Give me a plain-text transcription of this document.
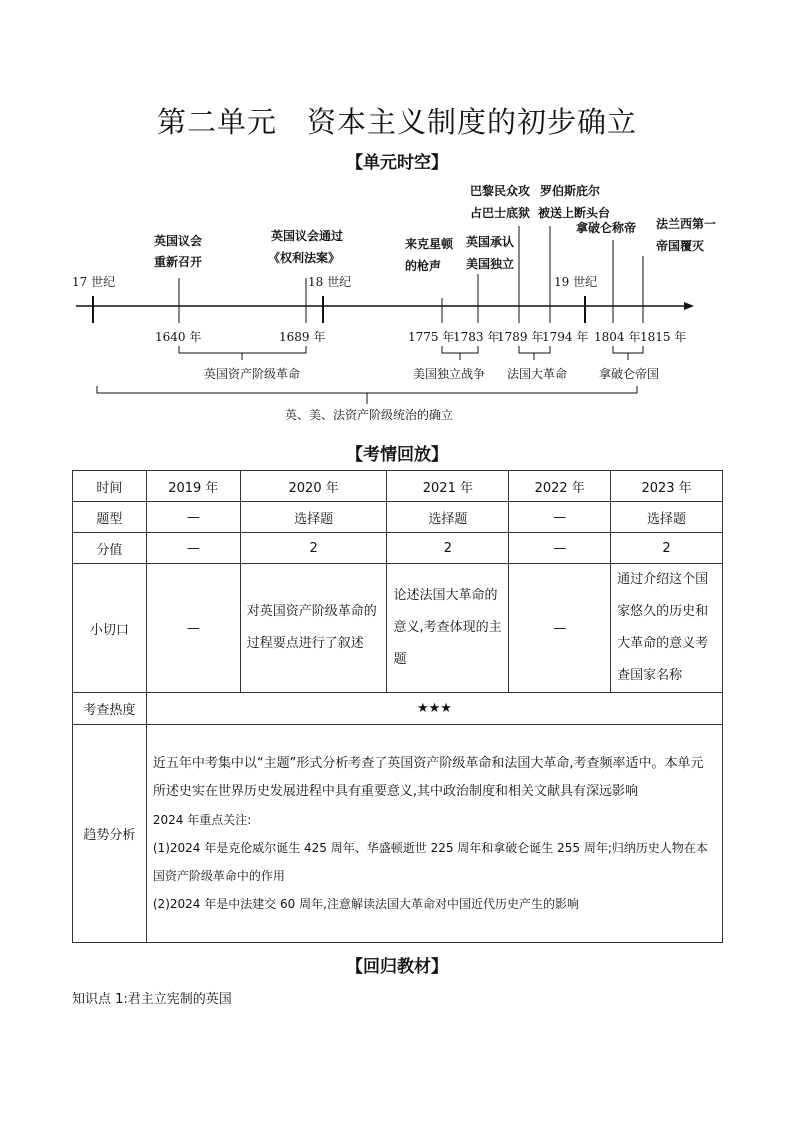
第二单元 资本主义制度的初步确立
【单元时空】
17 世纪	18 世纪	19 世纪
英国议会
重新召开
英国议会通过
《权利法案》
来克星顿
的枪声
英国承认
美国独立
巴黎民众攻
占巴士底狱
罗伯斯庇尔
被送上断头台
拿破仑称帝 法兰西第一
帝国覆灭
1640 年	1689 年	1775 年
1783 年
1789 年
1794 年 1804 年 1815 年
英国资产阶级革命	美国独立战争 法国大革命	拿破仑帝国
英、美、法资产阶级统治的确立
【考情回放】
时间	2019 年	2020 年	2021 年	2022 年	2023 年
题型	—	选择题	选择题	—	选择题
分值	—	2	2	—	2
小切口	—	对英国资产阶级革命的过程要点进行了叙述	论述法国大革命的意义,考查体现的主题	—	通过介绍这个国家悠久的历史和大革命的意义考查国家名称
考查热度	★★★				
趋势分析	近五年中考集中以“主题”形式分析考查了英国资产阶级革命和法国大革命,考查频率适中。本单元所述史实在世界历史发展进程中具有重要意义,其中政治制度和相关文献具有深远影响
2024 年重点关注:
(1)2024 年是克伦威尔诞生 425 周年、华盛顿逝世 225 周年和拿破仑诞生 255 周年;归纳历史人物在本国资产阶级革命中的作用
(2)2024 年是中法建交 60 周年,注意解读法国大革命对中国近代历史产生的影响				
【回归教材】
知识点 1:君主立宪制的英国
